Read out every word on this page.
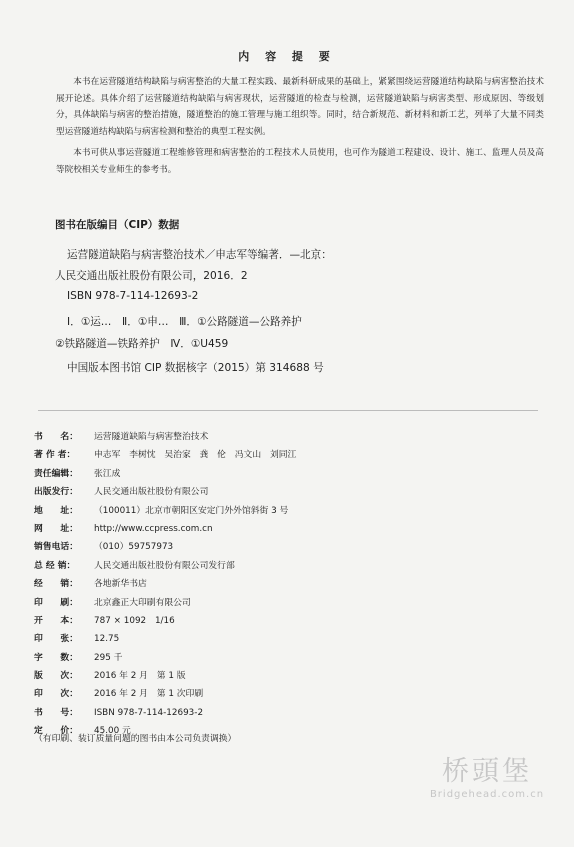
内 容 提 要

本书在运营隧道结构缺陷与病害整治的大量工程实践、最新科研成果的基础上，紧紧围绕运营隧道结构缺陷与病害整治技术展开论述。具体介绍了运营隧道结构缺陷与病害现状，运营隧道的检查与检测，运营隧道缺陷与病害类型、形成原因、等级划分，具体缺陷与病害的整治措施，隧道整治的施工管理与施工组织等。同时，结合新规范、新材料和新工艺，列举了大量不同类型运营隧道结构缺陷与病害检测和整治的典型工程实例。

本书可供从事运营隧道工程维修管理和病害整治的工程技术人员使用，也可作为隧道工程建设、设计、施工、监理人员及高等院校相关专业师生的参考书。

图书在版编目（CIP）数据
运营隧道缺陷与病害整治技术／申志军等编著．—北京：
人民交通出版社股份有限公司，2016．2
ISBN 978-7-114-12693-2
Ⅰ．①运…　Ⅱ．①申…　Ⅲ．①公路隧道—公路养护
②铁路隧道—铁路养护　Ⅳ．①U459
中国版本图书馆 CIP 数据核字（2015）第 314688 号
书　　名：	运营隧道缺陷与病害整治技术
著 作 者：	申志军　李树忱　吴治家　龚　伦　冯文山　刘同江
责任编辑：	张江成
出版发行：	人民交通出版社股份有限公司
地　　址：	（100011）北京市朝阳区安定门外外馆斜街 3 号
网　　址：	http://www.ccpress.com.cn
销售电话：	（010）59757973
总 经 销：	人民交通出版社股份有限公司发行部
经　　销：	各地新华书店
印　　刷：	北京鑫正大印刷有限公司
开　　本：	787 × 1092　1/16
印　　张：	12.75
字　　数：	295 千
版　　次：	2016 年 2 月　第 1 版
印　　次：	2016 年 2 月　第 1 次印刷
书　　号：	ISBN 978-7-114-12693-2
定　　价：	45.00 元
（有印刷、装订质量问题的图书由本公司负责调换）
桥頭堡
Bridgehead.com.cn
